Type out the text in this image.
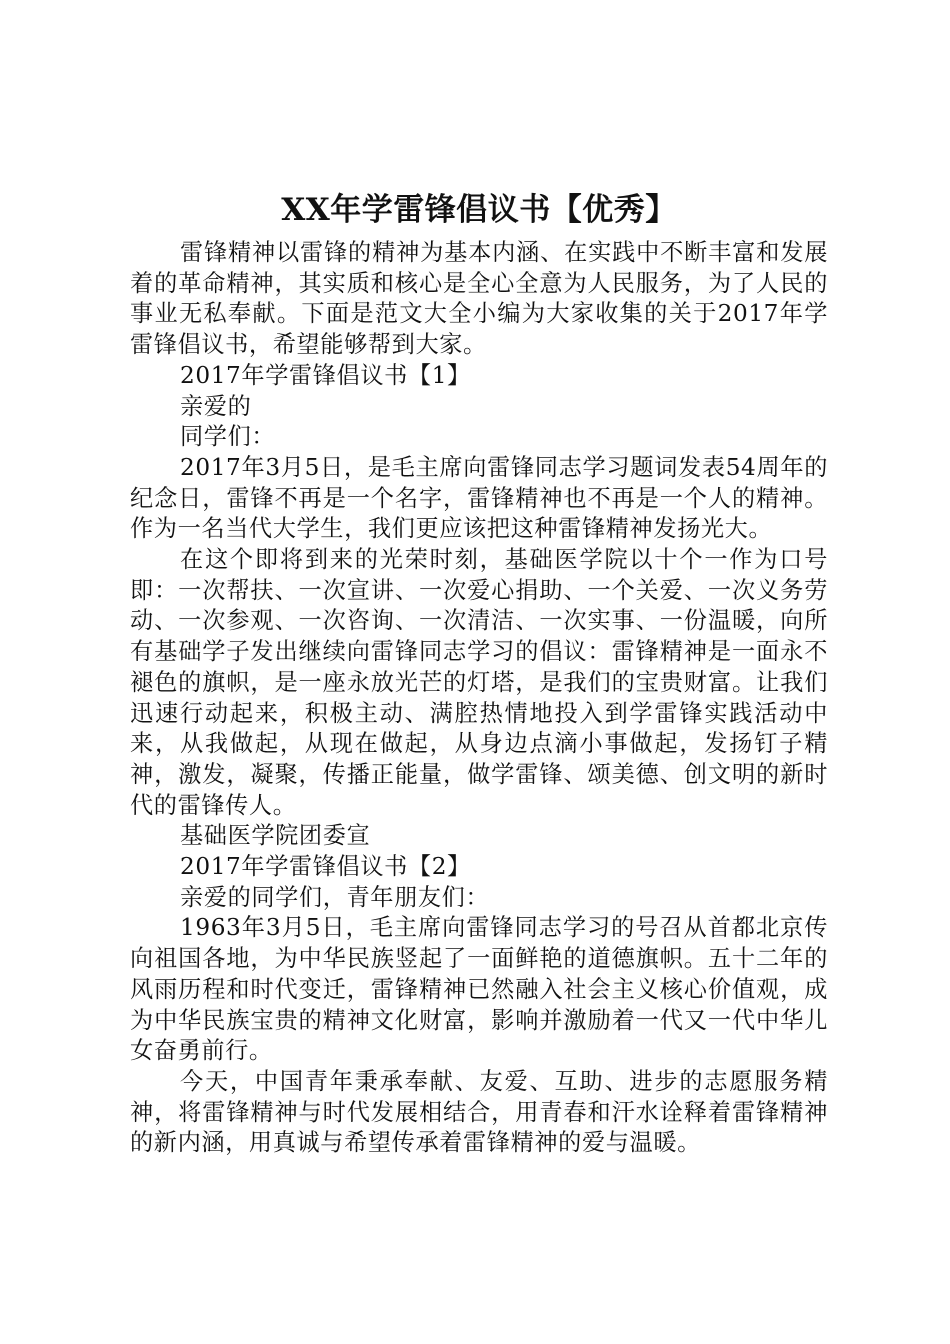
XX年学雷锋倡议书【优秀】

雷锋精神以雷锋的精神为基本内涵、在实践中不断丰富和发展着的革命精神，其实质和核心是全心全意为人民服务，为了人民的事业无私奉献。下面是范文大全小编为大家收集的关于2017年学雷锋倡议书，希望能够帮到大家。

2017年学雷锋倡议书【1】

亲爱的

同学们：

2017年3月5日，是毛主席向雷锋同志学习题词发表54周年的纪念日，雷锋不再是一个名字，雷锋精神也不再是一个人的精神。作为一名当代大学生，我们更应该把这种雷锋精神发扬光大。

在这个即将到来的光荣时刻，基础医学院以十个一作为口号即：一次帮扶、一次宣讲、一次爱心捐助、一个关爱、一次义务劳动、一次参观、一次咨询、一次清洁、一次实事、一份温暖，向所有基础学子发出继续向雷锋同志学习的倡议：雷锋精神是一面永不褪色的旗帜，是一座永放光芒的灯塔，是我们的宝贵财富。让我们迅速行动起来，积极主动、满腔热情地投入到学雷锋实践活动中来，从我做起，从现在做起，从身边点滴小事做起，发扬钉子精神，激发，凝聚，传播正能量，做学雷锋、颂美德、创文明的新时代的雷锋传人。

基础医学院团委宣

2017年学雷锋倡议书【2】

亲爱的同学们，青年朋友们：

1963年3月5日，毛主席向雷锋同志学习的号召从首都北京传向祖国各地，为中华民族竖起了一面鲜艳的道德旗帜。五十二年的风雨历程和时代变迁，雷锋精神已然融入社会主义核心价值观，成为中华民族宝贵的精神文化财富，影响并激励着一代又一代中华儿女奋勇前行。

今天，中国青年秉承奉献、友爱、互助、进步的志愿服务精神，将雷锋精神与时代发展相结合，用青春和汗水诠释着雷锋精神的新内涵，用真诚与希望传承着雷锋精神的爱与温暖。
